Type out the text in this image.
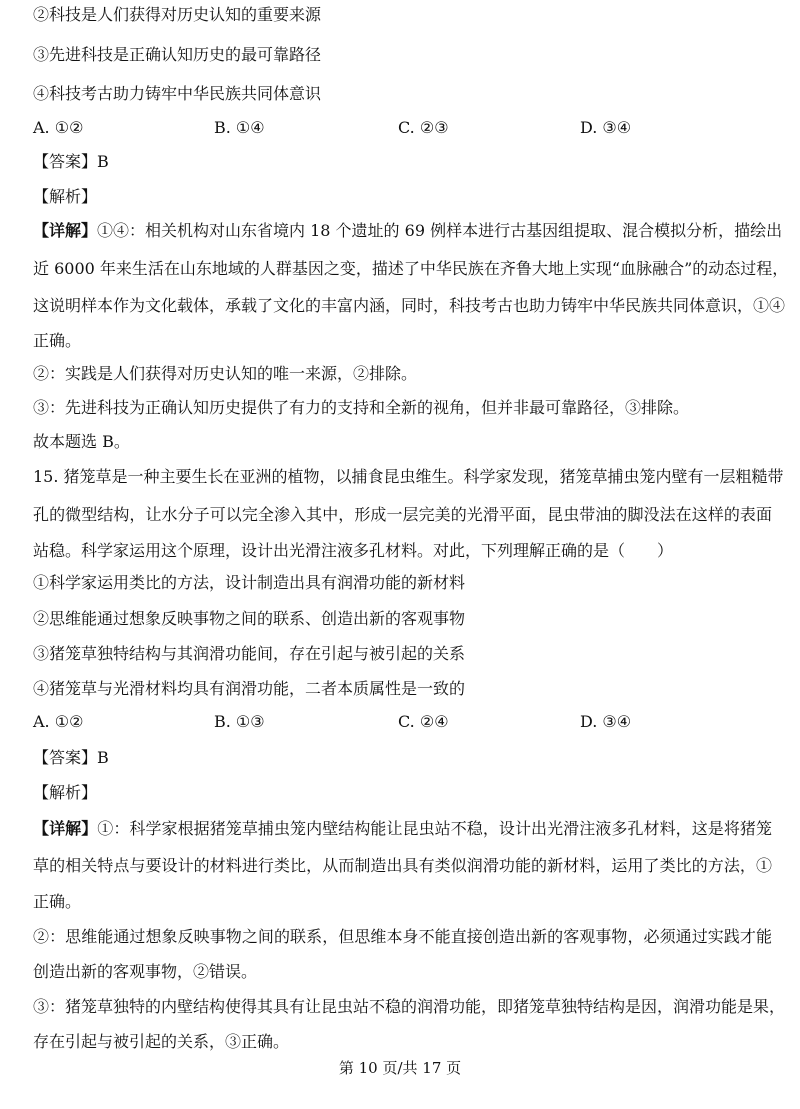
②科技是人们获得对历史认知的重要来源
③先进科技是正确认知历史的最可靠路径
④科技考古助力铸牢中华民族共同体意识
A. ①②	B. ①④	C. ②③	D. ③④
【答案】B
【解析】
【详解】①④：相关机构对山东省境内 18 个遗址的 69 例样本进行古基因组提取、混合模拟分析，描绘出
近 6000 年来生活在山东地域的人群基因之变，描述了中华民族在齐鲁大地上实现“血脉融合”的动态过程，
这说明样本作为文化载体，承载了文化的丰富内涵，同时，科技考古也助力铸牢中华民族共同体意识，①④
正确。
②：实践是人们获得对历史认知的唯一来源，②排除。
③：先进科技为正确认知历史提供了有力的支持和全新的视角，但并非最可靠路径，③排除。
故本题选 B。
15. 猪笼草是一种主要生长在亚洲的植物，以捕食昆虫维生。科学家发现，猪笼草捕虫笼内壁有一层粗糙带
孔的微型结构，让水分子可以完全渗入其中，形成一层完美的光滑平面，昆虫带油的脚没法在这样的表面
站稳。科学家运用这个原理，设计出光滑注液多孔材料。对此，下列理解正确的是（　　）
①科学家运用类比的方法，设计制造出具有润滑功能的新材料
②思维能通过想象反映事物之间的联系、创造出新的客观事物
③猪笼草独特结构与其润滑功能间，存在引起与被引起的关系
④猪笼草与光滑材料均具有润滑功能，二者本质属性是一致的
A. ①②	B. ①③	C. ②④	D. ③④
【答案】B
【解析】
【详解】①：科学家根据猪笼草捕虫笼内壁结构能让昆虫站不稳，设计出光滑注液多孔材料，这是将猪笼
草的相关特点与要设计的材料进行类比，从而制造出具有类似润滑功能的新材料，运用了类比的方法，①
正确。
②：思维能通过想象反映事物之间的联系，但思维本身不能直接创造出新的客观事物，必须通过实践才能
创造出新的客观事物，②错误。
③：猪笼草独特的内壁结构使得其具有让昆虫站不稳的润滑功能，即猪笼草独特结构是因，润滑功能是果，
存在引起与被引起的关系，③正确。
第 10 页/共 17 页
